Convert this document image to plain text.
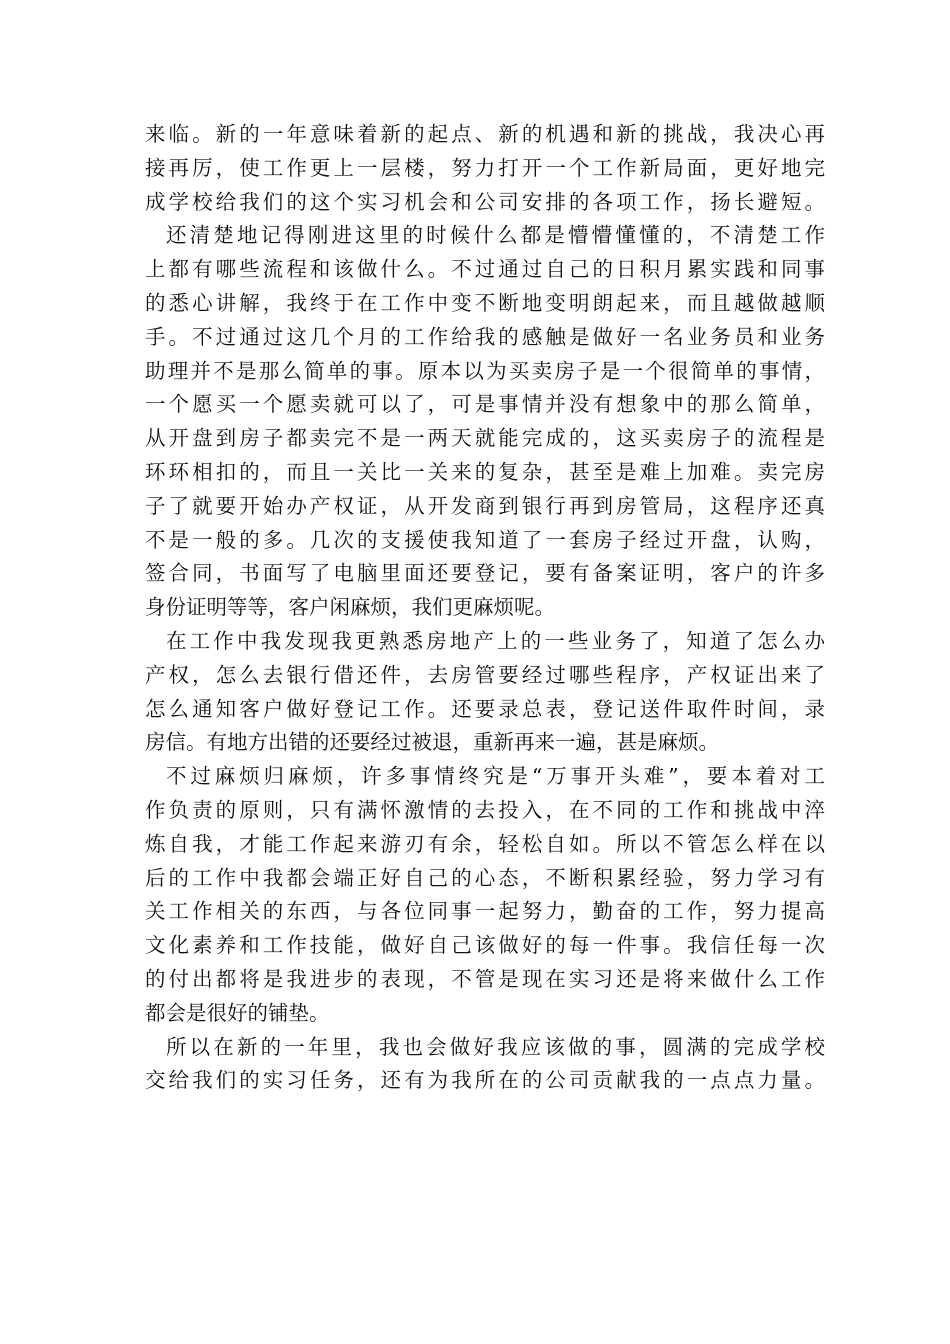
来临。新的一年意味着新的起点、新的机遇和新的挑战，我决心再
接再厉，使工作更上一层楼，努力打开一个工作新局面，更好地完
成学校给我们的这个实习机会和公司安排的各项工作，扬长避短。
还清楚地记得刚进这里的时候什么都是懵懵懂懂的，不清楚工作
上都有哪些流程和该做什么。不过通过自己的日积月累实践和同事
的悉心讲解，我终于在工作中变不断地变明朗起来，而且越做越顺
手。不过通过这几个月的工作给我的感触是做好一名业务员和业务
助理并不是那么简单的事。原本以为买卖房子是一个很简单的事情，
一个愿买一个愿卖就可以了，可是事情并没有想象中的那么简单，
从开盘到房子都卖完不是一两天就能完成的，这买卖房子的流程是
环环相扣的，而且一关比一关来的复杂，甚至是难上加难。卖完房
子了就要开始办产权证，从开发商到银行再到房管局，这程序还真
不是一般的多。几次的支援使我知道了一套房子经过开盘，认购，
签合同，书面写了电脑里面还要登记，要有备案证明，客户的许多
身份证明等等，客户闲麻烦，我们更麻烦呢。
在工作中我发现我更熟悉房地产上的一些业务了，知道了怎么办
产权，怎么去银行借还件，去房管要经过哪些程序，产权证出来了
怎么通知客户做好登记工作。还要录总表，登记送件取件时间，录
房信。有地方出错的还要经过被退，重新再来一遍，甚是麻烦。
不过麻烦归麻烦，许多事情终究是“万事开头难”，要本着对工
作负责的原则，只有满怀激情的去投入，在不同的工作和挑战中淬
炼自我，才能工作起来游刃有余，轻松自如。所以不管怎么样在以
后的工作中我都会端正好自己的心态，不断积累经验，努力学习有
关工作相关的东西，与各位同事一起努力，勤奋的工作，努力提高
文化素养和工作技能，做好自己该做好的每一件事。我信任每一次
的付出都将是我进步的表现，不管是现在实习还是将来做什么工作
都会是很好的铺垫。
所以在新的一年里，我也会做好我应该做的事，圆满的完成学校
交给我们的实习任务，还有为我所在的公司贡献我的一点点力量。
